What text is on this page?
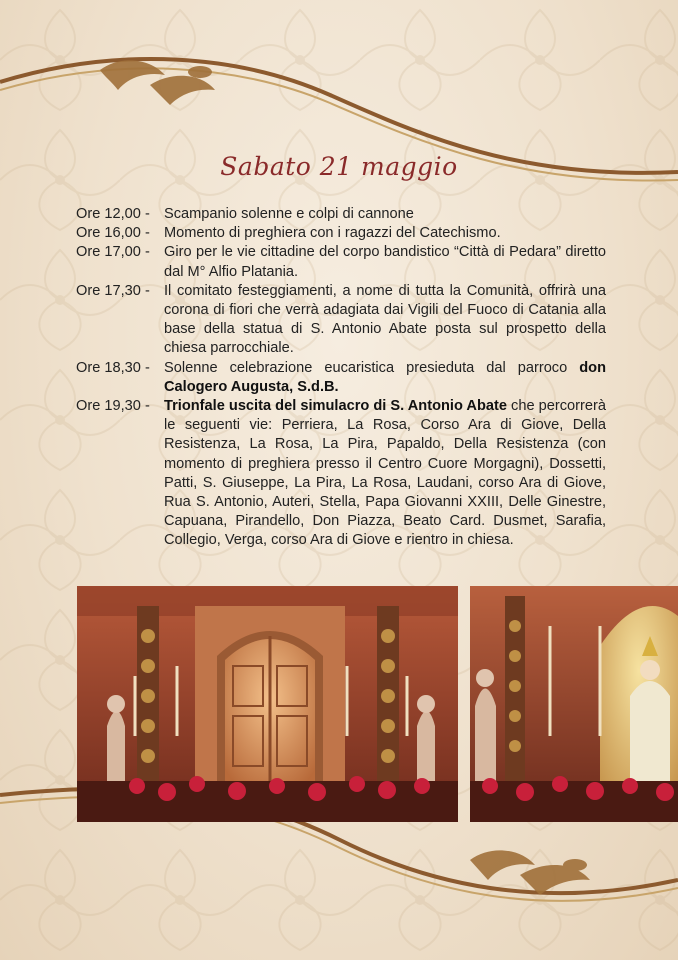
Sabato 21 maggio
Ore 12,00 - Scampanio solenne e colpi di cannone
Ore 16,00 - Momento di preghiera con i ragazzi del Catechismo.
Ore 17,00 - Giro per le vie cittadine del corpo bandistico “Città di Pedara” diretto dal M° Alfio Platania.
Ore 17,30 - Il comitato festeggiamenti, a nome di tutta la Comunità, offrirà una corona di fiori che verrà adagiata dai Vigili del Fuoco di Catania alla base della statua di S. Antonio Abate posta sul prospetto della chiesa parrocchiale.
Ore 18,30 - Solenne celebrazione eucaristica presieduta dal parroco don Calogero Augusta, S.d.B.
Ore 19,30 - Trionfale uscita del simulacro di S. Antonio Abate che percorrerà le seguenti vie: Perriera, La Rosa, Corso Ara di Giove, Della Resistenza, La Rosa, La Pira, Papaldo, Della Resistenza (con momento di preghiera presso il Centro Cuore Morgagni), Dossetti, Patti, S. Giuseppe, La Pira, La Rosa, Laudani, corso Ara di Giove, Rua S. Antonio, Auteri, Stella, Papa Giovanni XXIII, Delle Ginestre, Capuana, Pirandello, Don Piazza, Beato Card. Dusmet, Sarafia, Collegio, Verga, corso Ara di Giove e rientro in chiesa.
